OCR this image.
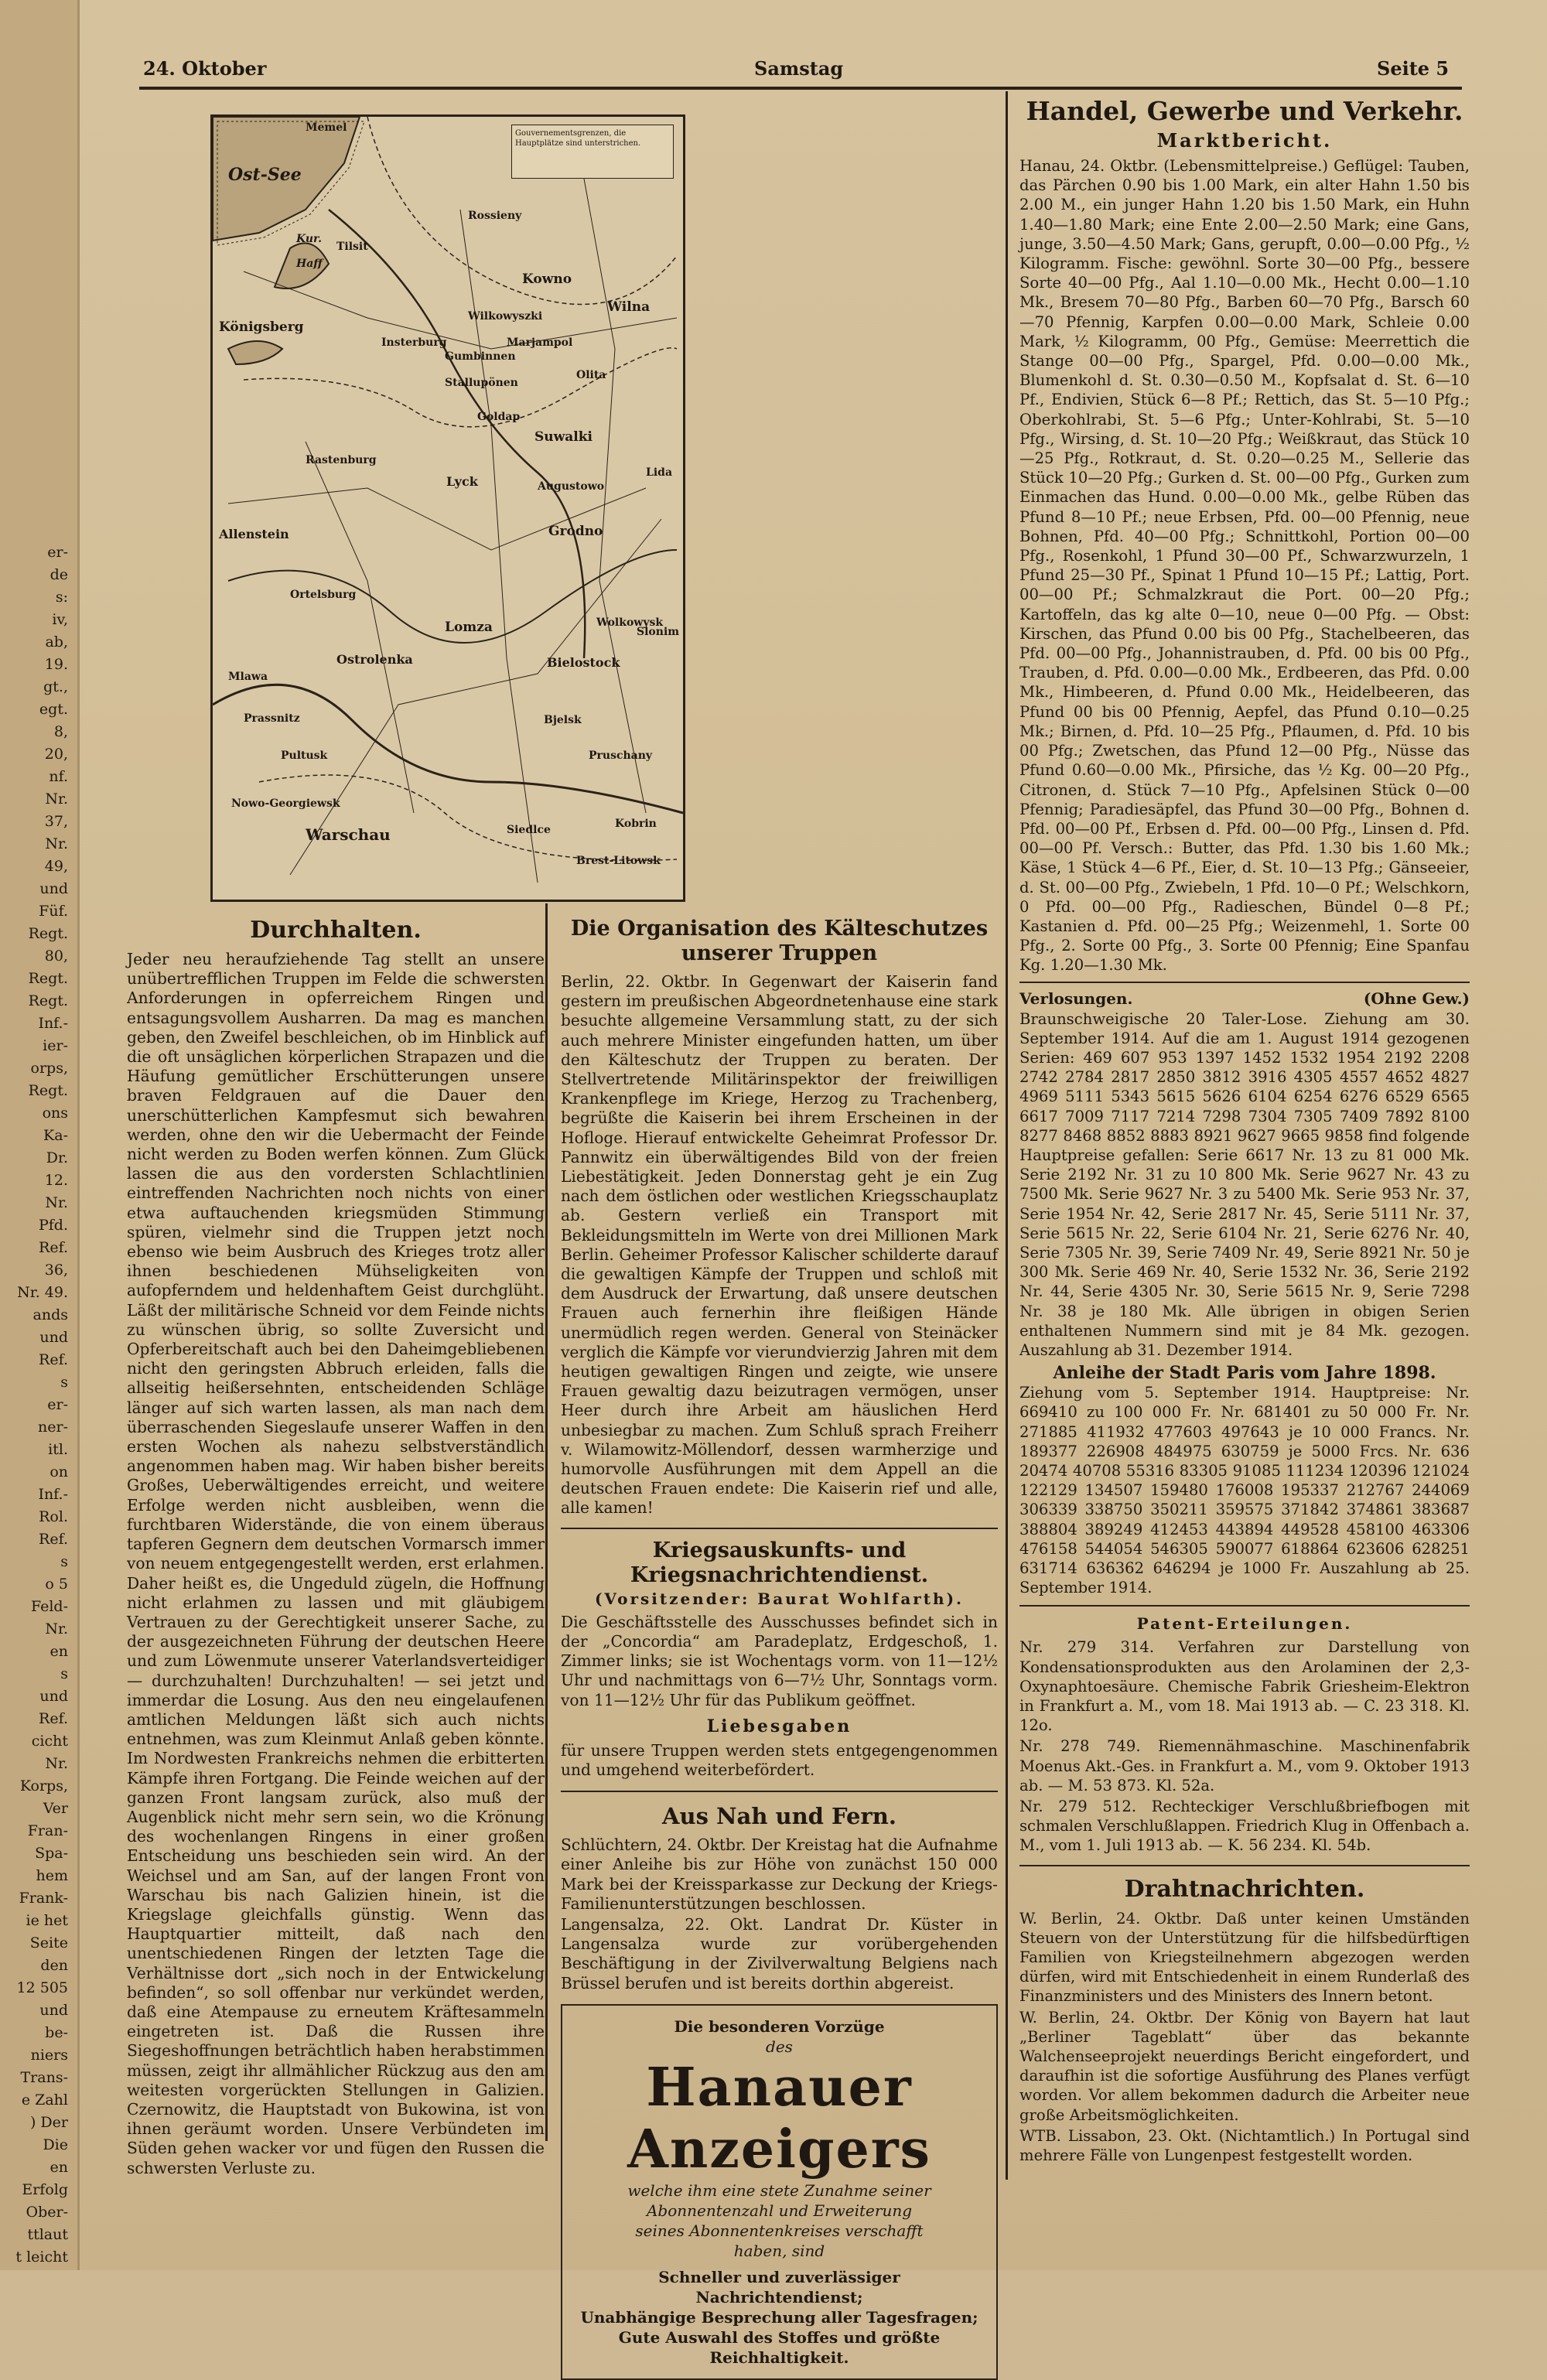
er-
de
s:
iv,
ab,
19.
gt.,
egt.
8,
20,
nf.
Nr.
37,
Nr.
49,
und
Füf.
Regt.
80,
Regt.
Regt.
Inf.-
ier-
orps,
Regt.
ons
Ka-
Dr.
12.
Nr.
Pfd.
Ref.
36,
Nr. 49.
ands
und
Ref.
s
er-
ner-
itl.
on
Inf.-
Rol.
Ref.
s
o 5
Feld-
Nr.
en
s
und
Ref.
cicht
Nr.
Korps,
Ver
Fran-
Spa-
hem
Frank-
ie het
Seite
den
12 505
und
be-
niers
Trans-
e Zahl
) Der
Die
en
Erfolg
Ober-
ttlaut
t leicht
24. Oktober	Samstag	Seite 5
Gouvernementsgrenzen, die Hauptplätze sind unterstrichen.
Ost-See
Kur.
Haff
Memel
Tilsit
Rossieny
Kowno
Wilna
Königsberg
Insterburg
Gumbinnen
Suwalki
Rastenburg
Lyck
Grodno
Allenstein
Lomza
Bielostock
Ostrolenka
Pultusk
Bjelsk
Warschau	Siedlce
Brest-Litowsk
Kobrin
Pruschany
Slonim
Wolkowysk
Lida
Olita
Marjampol
Wilkowyszki
Stallupönen
Goldap
Augustowo
Ortelsburg
Mlawa
Prassnitz
Nowo-Georgiewsk
Durchhalten.

Jeder neu heraufziehende Tag stellt an unsere unübertrefflichen Truppen im Felde die schwersten Anforderungen in opferreichem Ringen und entsagungsvollem Ausharren. Da mag es manchen geben, den Zweifel beschleichen, ob im Hinblick auf die oft unsäglichen körperlichen Strapazen und die Häufung gemütlicher Erschütterungen unsere braven Feldgrauen auf die Dauer den unerschütterlichen Kampfesmut sich bewahren werden, ohne den wir die Uebermacht der Feinde nicht werden zu Boden werfen können. Zum Glück lassen die aus den vordersten Schlachtlinien eintreffenden Nachrichten noch nichts von einer etwa auftauchenden kriegsmüden Stimmung spüren, vielmehr sind die Truppen jetzt noch ebenso wie beim Ausbruch des Krieges trotz aller ihnen beschiedenen Mühseligkeiten von aufopferndem und heldenhaftem Geist durchglüht. Läßt der militärische Schneid vor dem Feinde nichts zu wünschen übrig, so sollte Zuversicht und Opferbereitschaft auch bei den Daheimgebliebenen nicht den geringsten Abbruch erleiden, falls die allseitig heißersehnten, entscheidenden Schläge länger auf sich warten lassen, als man nach dem überraschenden Siegeslaufe unserer Waffen in den ersten Wochen als nahezu selbstverständlich angenommen haben mag. Wir haben bisher bereits Großes, Ueberwältigendes erreicht, und weitere Erfolge werden nicht ausbleiben, wenn die furchtbaren Widerstände, die von einem überaus tapferen Gegnern dem deutschen Vormarsch immer von neuem entgegengestellt werden, erst erlahmen. Daher heißt es, die Ungeduld zügeln, die Hoffnung nicht erlahmen zu lassen und mit gläubigem Vertrauen zu der Gerechtigkeit unserer Sache, zu der ausgezeichneten Führung der deutschen Heere und zum Löwenmute unserer Vaterlandsverteidiger — durchzuhalten! Durchzuhalten! — sei jetzt und immerdar die Losung. Aus den neu eingelaufenen amtlichen Meldungen läßt sich auch nichts entnehmen, was zum Kleinmut Anlaß geben könnte. Im Nordwesten Frankreichs nehmen die erbitterten Kämpfe ihren Fortgang. Die Feinde weichen auf der ganzen Front langsam zurück, also muß der Augenblick nicht mehr sern sein, wo die Krönung des wochenlangen Ringens in einer großen Entscheidung uns beschieden sein wird. An der Weichsel und am San, auf der langen Front von Warschau bis nach Galizien hinein, ist die Kriegslage gleichfalls günstig. Wenn das Hauptquartier mitteilt, daß nach den unentschiedenen Ringen der letzten Tage die Verhältnisse dort „sich noch in der Entwickelung befinden“, so soll offenbar nur verkündet werden, daß eine Atempause zu erneutem Kräftesammeln eingetreten ist. Daß die Russen ihre Siegeshoffnungen beträchtlich haben herabstimmen müssen, zeigt ihr allmählicher Rückzug aus den am weitesten vorgerückten Stellungen in Galizien. Czernowitz, die Hauptstadt von Bukowina, ist von ihnen geräumt worden. Unsere Verbündeten im Süden gehen wacker vor und fügen den Russen die schwersten Verluste zu.

Die Organisation des Kälteschutzes unserer Truppen

Berlin, 22. Oktbr. In Gegenwart der Kaiserin fand gestern im preußischen Abgeordnetenhause eine stark besuchte allgemeine Versammlung statt, zu der sich auch mehrere Minister eingefunden hatten, um über den Kälteschutz der Truppen zu beraten. Der Stellvertretende Militärinspektor der freiwilligen Krankenpflege im Kriege, Herzog zu Trachenberg, begrüßte die Kaiserin bei ihrem Erscheinen in der Hofloge. Hierauf entwickelte Geheimrat Professor Dr. Pannwitz ein überwältigendes Bild von der freien Liebestätigkeit. Jeden Donnerstag geht je ein Zug nach dem östlichen oder westlichen Kriegsschauplatz ab. Gestern verließ ein Transport mit Bekleidungsmitteln im Werte von drei Millionen Mark Berlin. Geheimer Professor Kalischer schilderte darauf die gewaltigen Kämpfe der Truppen und schloß mit dem Ausdruck der Erwartung, daß unsere deutschen Frauen auch fernerhin ihre fleißigen Hände unermüdlich regen werden. General von Steinäcker verglich die Kämpfe vor vierundvierzig Jahren mit dem heutigen gewaltigen Ringen und zeigte, wie unsere Frauen gewaltig dazu beizutragen vermögen, unser Heer durch ihre Arbeit am häuslichen Herd unbesiegbar zu machen. Zum Schluß sprach Freiherr v. Wilamowitz-Möllendorf, dessen warmherzige und humorvolle Ausführungen mit dem Appell an die deutschen Frauen endete: Die Kaiserin rief und alle, alle kamen!

Kriegsauskunfts- und Kriegsnachrichtendienst.
(Vorsitzender: Baurat Wohlfarth).

Die Geschäftsstelle des Ausschusses befindet sich in der „Concordia“ am Paradeplatz, Erdgeschoß, 1. Zimmer links; sie ist Wochentags vorm. von 11—12½ Uhr und nachmittags von 6—7½ Uhr, Sonntags vorm. von 11—12½ Uhr für das Publikum geöffnet.

Liebesgaben

für unsere Truppen werden stets entgegengenommen und umgehend weiterbefördert.

Aus Nah und Fern.

Schlüchtern, 24. Oktbr. Der Kreistag hat die Aufnahme einer Anleihe bis zur Höhe von zunächst 150 000 Mark bei der Kreissparkasse zur Deckung der Kriegs-Familienunterstützungen beschlossen.

Langensalza, 22. Okt. Landrat Dr. Küster in Langensalza wurde zur vorübergehenden Beschäftigung in der Zivilverwaltung Belgiens nach Brüssel berufen und ist bereits dorthin abgereist.

Die besonderen Vorzüge
des
Hanauer Anzeigers
welche ihm eine stete Zunahme seiner
Abonnentenzahl und Erweiterung
seines Abonnentenkreises verschafft
haben, sind
Schneller und zuverlässiger Nachrichtendienst;
Unabhängige Besprechung aller Tagesfragen;
Gute Auswahl des Stoffes und größte Reichhaltigkeit.
Handel, Gewerbe und Verkehr.
Marktbericht.

Hanau, 24. Oktbr. (Lebensmittelpreise.) Geflügel: Tauben, das Pärchen 0.90 bis 1.00 Mark, ein alter Hahn 1.50 bis 2.00 M., ein junger Hahn 1.20 bis 1.50 Mark, ein Huhn 1.40—1.80 Mark; eine Ente 2.00—2.50 Mark; eine Gans, junge, 3.50—4.50 Mark; Gans, gerupft, 0.00—0.00 Pfg., ½ Kilogramm. Fische: gewöhnl. Sorte 30—00 Pfg., bessere Sorte 40—00 Pfg., Aal 1.10—0.00 Mk., Hecht 0.00—1.10 Mk., Bresem 70—80 Pfg., Barben 60—70 Pfg., Barsch 60—70 Pfennig, Karpfen 0.00—0.00 Mark, Schleie 0.00 Mark, ½ Kilogramm, 00 Pfg., Gemüse: Meerrettich die Stange 00—00 Pfg., Spargel, Pfd. 0.00—0.00 Mk., Blumenkohl d. St. 0.30—0.50 M., Kopfsalat d. St. 6—10 Pf., Endivien, Stück 6—8 Pf.; Rettich, das St. 5—10 Pfg.; Oberkohlrabi, St. 5—6 Pfg.; Unter-Kohlrabi, St. 5—10 Pfg., Wirsing, d. St. 10—20 Pfg.; Weißkraut, das Stück 10—25 Pfg., Rotkraut, d. St. 0.20—0.25 M., Sellerie das Stück 10—20 Pfg.; Gurken d. St. 00—00 Pfg., Gurken zum Einmachen das Hund. 0.00—0.00 Mk., gelbe Rüben das Pfund 8—10 Pf.; neue Erbsen, Pfd. 00—00 Pfennig, neue Bohnen, Pfd. 40—00 Pfg.; Schnittkohl, Portion 00—00 Pfg., Rosenkohl, 1 Pfund 30—00 Pf., Schwarzwurzeln, 1 Pfund 25—30 Pf., Spinat 1 Pfund 10—15 Pf.; Lattig, Port. 00—00 Pf.; Schmalzkraut die Port. 00—20 Pfg.; Kartoffeln, das kg alte 0—10, neue 0—00 Pfg. — Obst: Kirschen, das Pfund 0.00 bis 00 Pfg., Stachelbeeren, das Pfd. 00—00 Pfg., Johannistrauben, d. Pfd. 00 bis 00 Pfg., Trauben, d. Pfd. 0.00—0.00 Mk., Erdbeeren, das Pfd. 0.00 Mk., Himbeeren, d. Pfund 0.00 Mk., Heidelbeeren, das Pfund 00 bis 00 Pfennig, Aepfel, das Pfund 0.10—0.25 Mk.; Birnen, d. Pfd. 10—25 Pfg., Pflaumen, d. Pfd. 10 bis 00 Pfg.; Zwetschen, das Pfund 12—00 Pfg., Nüsse das Pfund 0.60—0.00 Mk., Pfirsiche, das ½ Kg. 00—20 Pfg., Citronen, d. Stück 7—10 Pfg., Apfelsinen Stück 0—00 Pfennig; Paradiesäpfel, das Pfund 30—00 Pfg., Bohnen d. Pfd. 00—00 Pf., Erbsen d. Pfd. 00—00 Pfg., Linsen d. Pfd. 00—00 Pf. Versch.: Butter, das Pfd. 1.30 bis 1.60 Mk.; Käse, 1 Stück 4—6 Pf., Eier, d. St. 10—13 Pfg.; Gänseeier, d. St. 00—00 Pfg., Zwiebeln, 1 Pfd. 10—0 Pf.; Welschkorn, 0 Pfd. 00—00 Pfg., Radieschen, Bündel 0—8 Pf.; Kastanien d. Pfd. 00—25 Pfg.; Weizenmehl, 1. Sorte 00 Pfg., 2. Sorte 00 Pfg., 3. Sorte 00 Pfennig; Eine Spanfau Kg. 1.20—1.30 Mk.

Verlosungen.	(Ohne Gew.)

Braunschweigische 20 Taler-Lose. Ziehung am 30. September 1914. Auf die am 1. August 1914 gezogenen Serien: 469 607 953 1397 1452 1532 1954 2192 2208 2742 2784 2817 2850 3812 3916 4305 4557 4652 4827 4969 5111 5343 5615 5626 6104 6254 6276 6529 6565 6617 7009 7117 7214 7298 7304 7305 7409 7892 8100 8277 8468 8852 8883 8921 9627 9665 9858 find folgende Hauptpreise gefallen: Serie 6617 Nr. 13 zu 81 000 Mk. Serie 2192 Nr. 31 zu 10 800 Mk. Serie 9627 Nr. 43 zu 7500 Mk. Serie 9627 Nr. 3 zu 5400 Mk. Serie 953 Nr. 37, Serie 1954 Nr. 42, Serie 2817 Nr. 45, Serie 5111 Nr. 37, Serie 5615 Nr. 22, Serie 6104 Nr. 21, Serie 6276 Nr. 40, Serie 7305 Nr. 39, Serie 7409 Nr. 49, Serie 8921 Nr. 50 je 300 Mk. Serie 469 Nr. 40, Serie 1532 Nr. 36, Serie 2192 Nr. 44, Serie 4305 Nr. 30, Serie 5615 Nr. 9, Serie 7298 Nr. 38 je 180 Mk. Alle übrigen in obigen Serien enthaltenen Nummern sind mit je 84 Mk. gezogen. Auszahlung ab 31. Dezember 1914.

Anleihe der Stadt Paris vom Jahre 1898.

Ziehung vom 5. September 1914. Hauptpreise: Nr. 669410 zu 100 000 Fr. Nr. 681401 zu 50 000 Fr. Nr. 271885 411932 477603 497643 je 10 000 Francs. Nr. 189377 226908 484975 630759 je 5000 Frcs. Nr. 636 20474 40708 55316 83305 91085 111234 120396 121024 122129 134507 159480 176008 195337 212767 244069 306339 338750 350211 359575 371842 374861 383687 388804 389249 412453 443894 449528 458100 463306 476158 544054 546305 590077 618864 623606 628251 631714 636362 646294 je 1000 Fr. Auszahlung ab 25. September 1914.

Patent-Erteilungen.

Nr. 279 314. Verfahren zur Darstellung von Kondensationsprodukten aus den Arolaminen der 2,3-Oxynaphtoesäure. Chemische Fabrik Griesheim-Elektron in Frankfurt a. M., vom 18. Mai 1913 ab. — C. 23 318. Kl. 12o.

Nr. 278 749. Riemennähmaschine. Maschinenfabrik Moenus Akt.-Ges. in Frankfurt a. M., vom 9. Oktober 1913 ab. — M. 53 873. Kl. 52a.

Nr. 279 512. Rechteckiger Verschlußbriefbogen mit schmalen Verschlußlappen. Friedrich Klug in Offenbach a. M., vom 1. Juli 1913 ab. — K. 56 234. Kl. 54b.

Drahtnachrichten.

W. Berlin, 24. Oktbr. Daß unter keinen Umständen Steuern von der Unterstützung für die hilfsbedürftigen Familien von Kriegsteilnehmern abgezogen werden dürfen, wird mit Entschiedenheit in einem Runderlaß des Finanzministers und des Ministers des Innern betont.

W. Berlin, 24. Oktbr. Der König von Bayern hat laut „Berliner Tageblatt“ über das bekannte Walchenseeprojekt neuerdings Bericht eingefordert, und daraufhin ist die sofortige Ausführung des Planes verfügt worden. Vor allem bekommen dadurch die Arbeiter neue große Arbeitsmöglichkeiten.

WTB. Lissabon, 23. Okt. (Nichtamtlich.) In Portugal sind mehrere Fälle von Lungenpest festgestellt worden.
